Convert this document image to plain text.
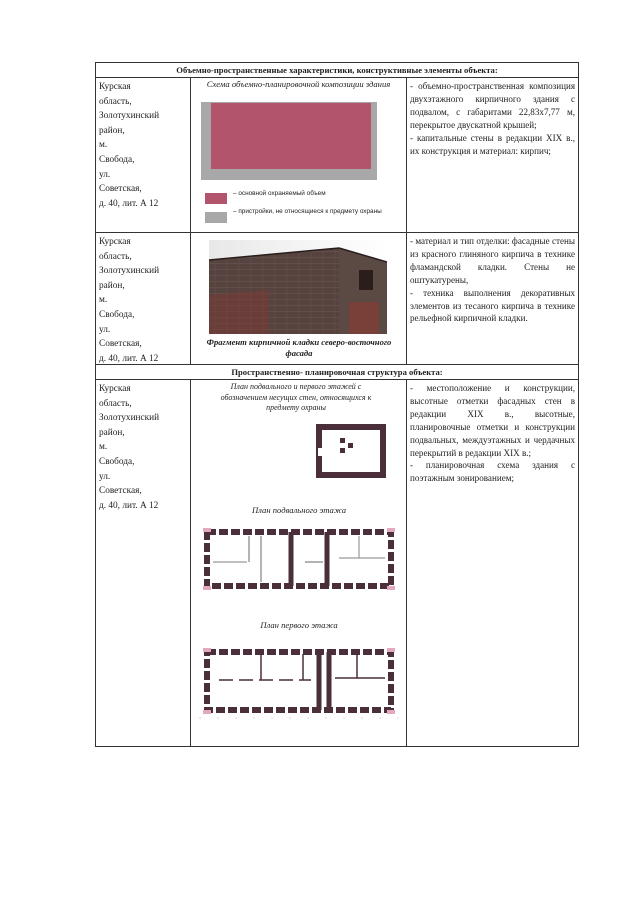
Объемно-пространственные характеристики, конструктивные элементы объекта:
Курская
область,
Золотухинский
район,
м.
Свобода,
ул.
Советская,
д. 40, лит. А 12
Схема объемно-планировочной композиции здания
– основной охраняемый объем
– пристройки, не относящиеся к предмету охраны

- объемно-пространственная композиция двухэтажного кирпичного здания с подвалом, с габаритами 22,83х7,77 м, перекрытое двускатной крышей;

- капитальные стены в редакции XIX в., их конструкция и материал: кирпич;

Курская
область,
Золотухинский
район,
м.
Свобода,
ул.
Советская,
д. 40, лит. А 12
Фрагмент кирпичной кладки северо-восточного фасада

- материал и тип отделки: фасадные стены из красного глиняного кирпича в технике фламандской кладки. Стены не оштукатурены,

- техника выполнения декоративных элементов из тесаного кирпича в технике рельефной кирпичной кладки.

Пространственно- планировочная структура объекта:
Курская
область,
Золотухинский
район,
м.
Свобода,
ул.
Советская,
д. 40, лит. А 12
План подвального и первого этажей с обозначением несущих стен, относящихся к предмету охраны
План подвального этажа
План первого этажа

- местоположение и конструкции, высотные отметки фасадных стен в редакции XIX в., высотные, планировочные отметки и конструкции подвальных, междуэтажных и чердачных перекрытий в редакции XIX в.;

- планировочная схема здания с поэтажным зонированием;
